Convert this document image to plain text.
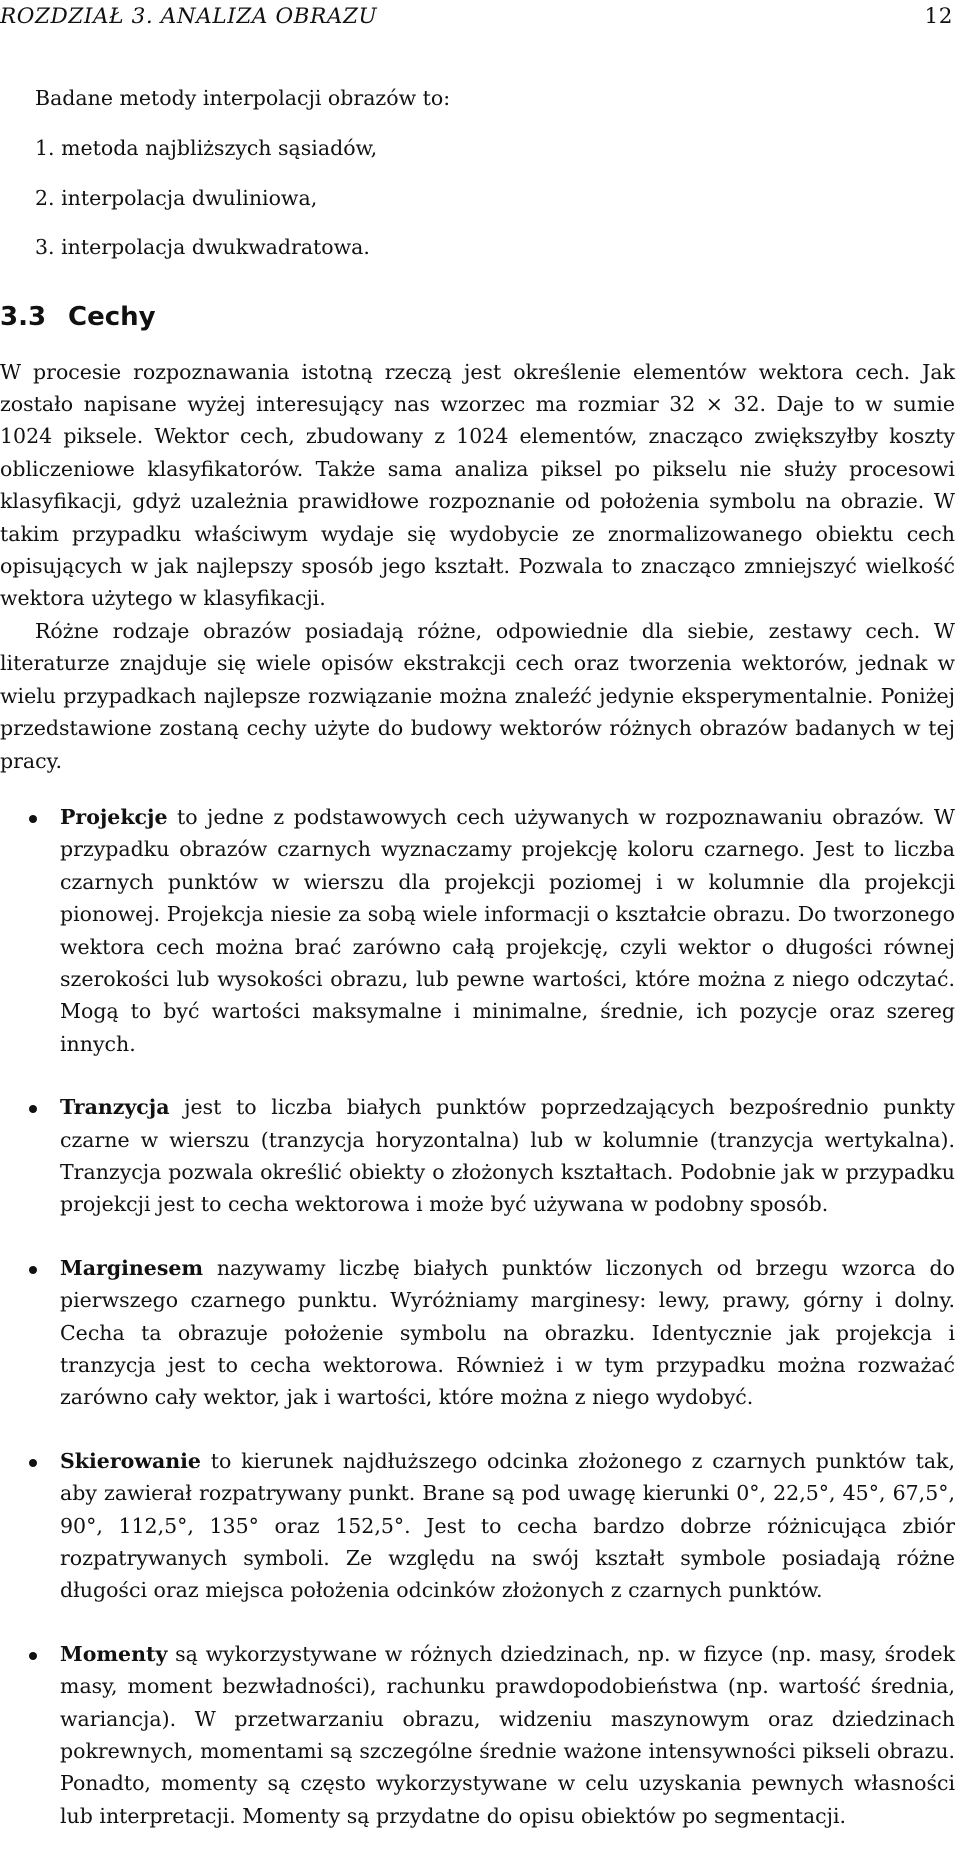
ROZDZIAŁ 3. ANALIZA OBRAZU	12

Badane metody interpolacji obrazów to:

1. metoda najbliższych sąsiadów,
2. interpolacja dwuliniowa,
3. interpolacja dwukwadratowa.
3.3 Cechy

W procesie rozpoznawania istotną rzeczą jest określenie elementów wektora cech. Jak zostało napisane wyżej interesujący nas wzorzec ma rozmiar 32 × 32. Daje to w sumie 1024 piksele. Wektor cech, zbudowany z 1024 elementów, znacząco zwiększyłby koszty obliczeniowe klasyfikatorów. Także sama analiza piksel po pikselu nie służy procesowi klasyfikacji, gdyż uzależnia prawidłowe rozpoznanie od położenia symbolu na obrazie. W takim przypadku właściwym wydaje się wydobycie ze znormalizowanego obiektu cech opisujących w jak najlepszy sposób jego kształt. Pozwala to znacząco zmniejszyć wielkość wektora użytego w klasyfikacji.

Różne rodzaje obrazów posiadają różne, odpowiednie dla siebie, zestawy cech. W literaturze znajduje się wiele opisów ekstrakcji cech oraz tworzenia wektorów, jednak w wielu przypadkach najlepsze rozwiązanie można znaleźć jedynie eksperymentalnie. Poniżej przedstawione zostaną cechy użyte do budowy wektorów różnych obrazów badanych w tej pracy.

Projekcje to jedne z podstawowych cech używanych w rozpoznawaniu obrazów. W przypadku obrazów czarnych wyznaczamy projekcję koloru czarnego. Jest to liczba czarnych punktów w wierszu dla projekcji poziomej i w kolumnie dla projekcji pionowej. Projekcja niesie za sobą wiele informacji o kształcie obrazu. Do tworzonego wektora cech można brać zarówno całą projekcję, czyli wektor o długości równej szerokości lub wysokości obrazu, lub pewne wartości, które można z niego odczytać. Mogą to być wartości maksymalne i minimalne, średnie, ich pozycje oraz szereg innych.
Tranzycja jest to liczba białych punktów poprzedzających bezpośrednio punkty czarne w wierszu (tranzycja horyzontalna) lub w kolumnie (tranzycja wertykalna). Tranzycja pozwala określić obiekty o złożonych kształtach. Podobnie jak w przypadku projekcji jest to cecha wektorowa i może być używana w podobny sposób.
Marginesem nazywamy liczbę białych punktów liczonych od brzegu wzorca do pierwszego czarnego punktu. Wyróżniamy marginesy: lewy, prawy, górny i dolny. Cecha ta obrazuje położenie symbolu na obrazku. Identycznie jak projekcja i tranzycja jest to cecha wektorowa. Również i w tym przypadku można rozważać zarówno cały wektor, jak i wartości, które można z niego wydobyć.
Skierowanie to kierunek najdłuższego odcinka złożonego z czarnych punktów tak, aby zawierał rozpatrywany punkt. Brane są pod uwagę kierunki 0°, 22,5°, 45°, 67,5°, 90°, 112,5°, 135° oraz 152,5°. Jest to cecha bardzo dobrze różnicująca zbiór rozpatrywanych symboli. Ze względu na swój kształt symbole posiadają różne długości oraz miejsca położenia odcinków złożonych z czarnych punktów.
Momenty są wykorzystywane w różnych dziedzinach, np. w fizyce (np. masy, środek masy, moment bezwładności), rachunku prawdopodobieństwa (np. wartość średnia, wariancja). W przetwarzaniu obrazu, widzeniu maszynowym oraz dziedzinach pokrewnych, momentami są szczególne średnie ważone intensywności pikseli obrazu. Ponadto, momenty są często wykorzystywane w celu uzyskania pewnych własności lub interpretacji. Momenty są przydatne do opisu obiektów po segmentacji.
